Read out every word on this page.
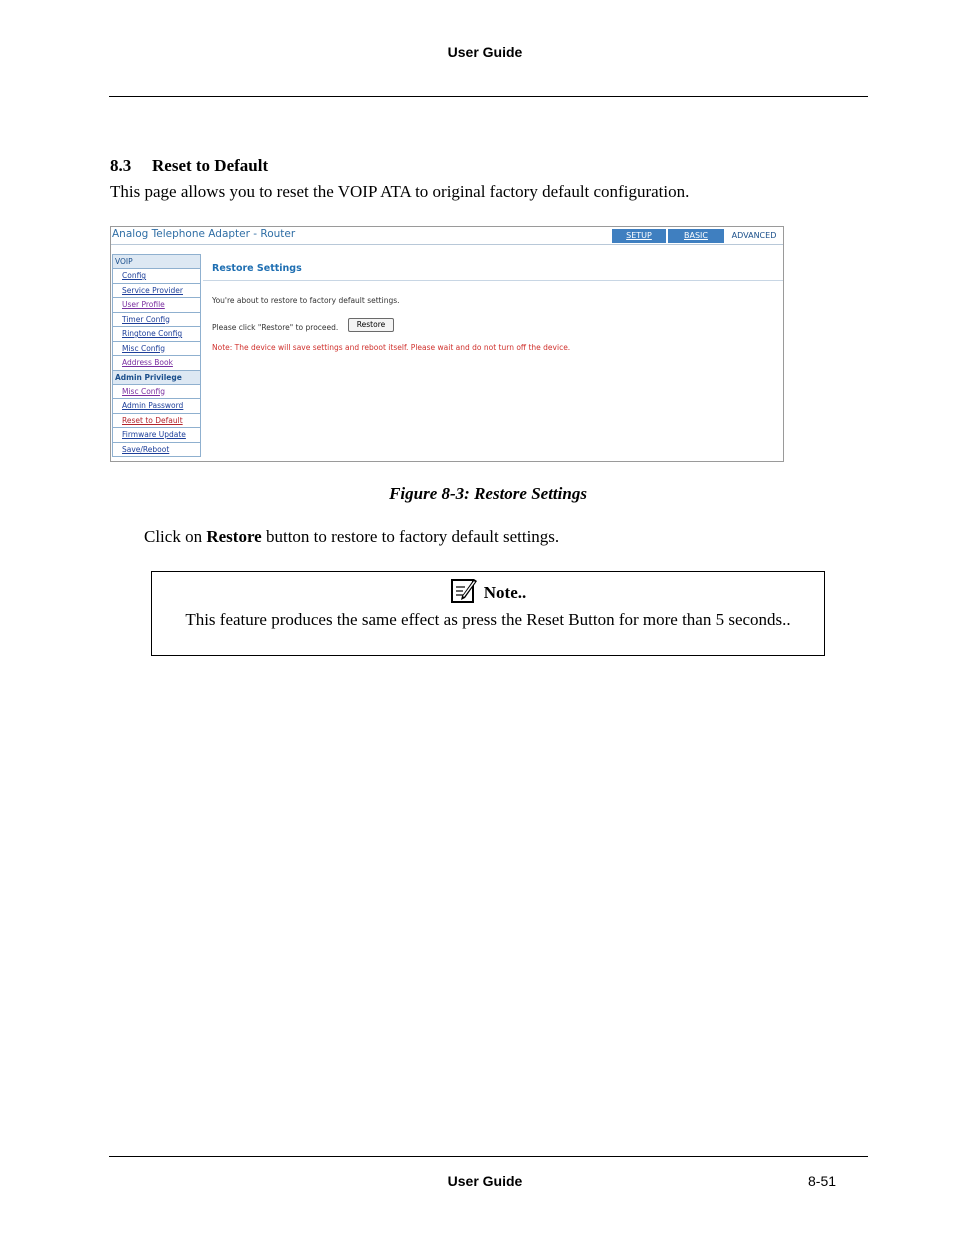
User Guide
8.3 Reset to Default
This page allows you to reset the VOIP ATA to original factory default configuration.
Analog Telephone Adapter - Router	SETUP	BASIC	ADVANCED
VOIP
Config
Service Provider
User Profile
Timer Config
Ringtone Config
Misc Config
Address Book
Admin Privilege
Misc Config
Admin Password
Reset to Default
Firmware Update
Save/Reboot
Restore Settings
You're about to restore to factory default settings.
Please click "Restore" to proceed.	Restore
Note: The device will save settings and reboot itself. Please wait and do not turn off the device.
Figure 8-3: Restore Settings
Click on Restore button to restore to factory default settings.
Note..
This feature produces the same effect as press the Reset Button for more than 5 seconds..
User Guide	8-51
